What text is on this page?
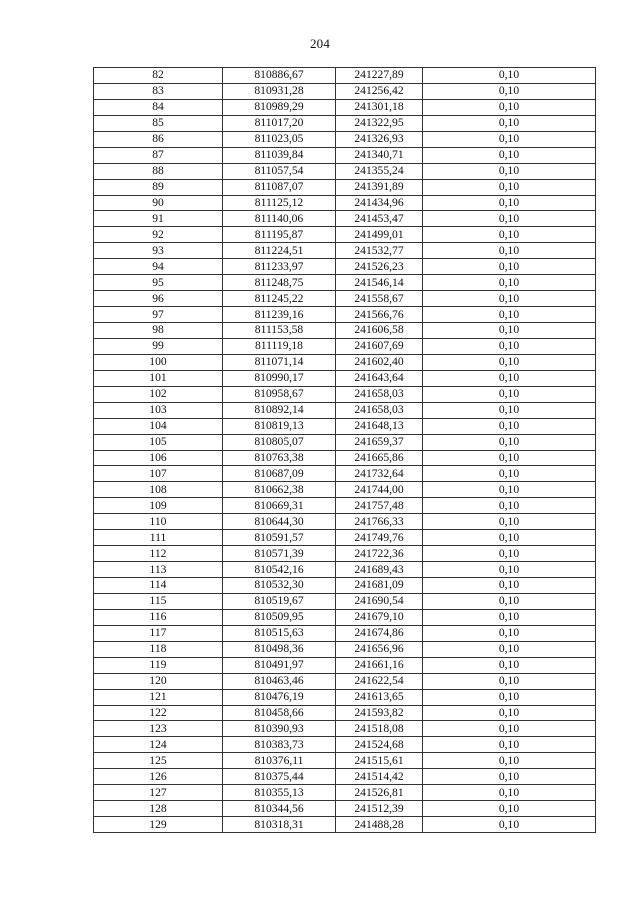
204
82	810886,67	241227,89	0,10
83	810931,28	241256,42	0,10
84	810989,29	241301,18	0,10
85	811017,20	241322,95	0,10
86	811023,05	241326,93	0,10
87	811039,84	241340,71	0,10
88	811057,54	241355,24	0,10
89	811087,07	241391,89	0,10
90	811125,12	241434,96	0,10
91	811140,06	241453,47	0,10
92	811195,87	241499,01	0,10
93	811224,51	241532,77	0,10
94	811233,97	241526,23	0,10
95	811248,75	241546,14	0,10
96	811245,22	241558,67	0,10
97	811239,16	241566,76	0,10
98	811153,58	241606,58	0,10
99	811119,18	241607,69	0,10
100	811071,14	241602,40	0,10
101	810990,17	241643,64	0,10
102	810958,67	241658,03	0,10
103	810892,14	241658,03	0,10
104	810819,13	241648,13	0,10
105	810805,07	241659,37	0,10
106	810763,38	241665,86	0,10
107	810687,09	241732,64	0,10
108	810662,38	241744,00	0,10
109	810669,31	241757,48	0,10
110	810644,30	241766,33	0,10
111	810591,57	241749,76	0,10
112	810571,39	241722,36	0,10
113	810542,16	241689,43	0,10
114	810532,30	241681,09	0,10
115	810519,67	241690,54	0,10
116	810509,95	241679,10	0,10
117	810515,63	241674,86	0,10
118	810498,36	241656,96	0,10
119	810491,97	241661,16	0,10
120	810463,46	241622,54	0,10
121	810476,19	241613,65	0,10
122	810458,66	241593,82	0,10
123	810390,93	241518,08	0,10
124	810383,73	241524,68	0,10
125	810376,11	241515,61	0,10
126	810375,44	241514,42	0,10
127	810355,13	241526,81	0,10
128	810344,56	241512,39	0,10
129	810318,31	241488,28	0,10
